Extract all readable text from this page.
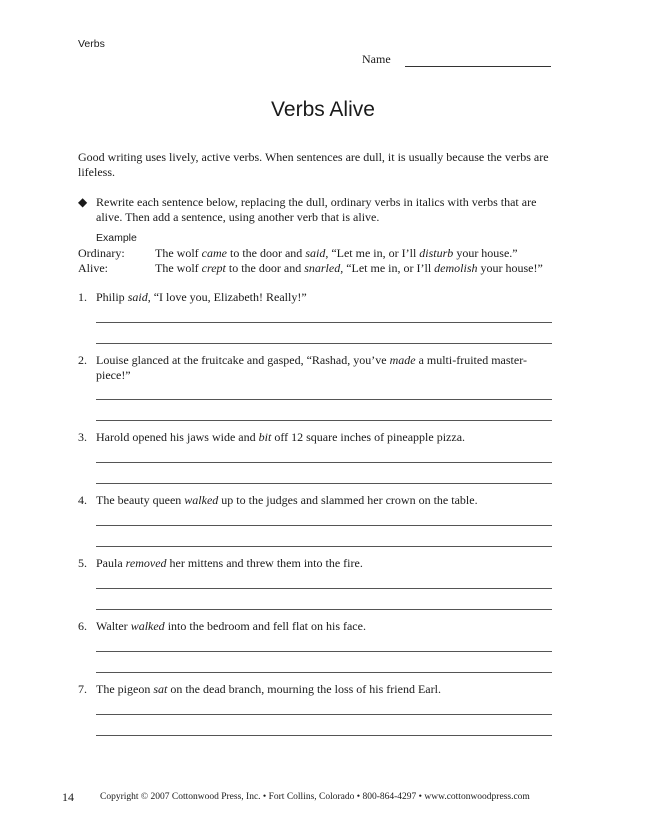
Verbs
Name
Verbs Alive

Good writing uses lively, active verbs. When sentences are dull, it is usually because the verbs are lifeless.

◆ Rewrite each sentence below, replacing the dull, ordinary verbs in italics with verbs that are alive. Then add a sentence, using another verb that is alive.
Example
Ordinary:	The wolf came to the door and said, “Let me in, or I’ll disturb your house.”
Alive:	The wolf crept to the door and snarled, “Let me in, or I’ll demolish your house!”
1. Philip said, “I love you, Elizabeth! Really!”
2. Louise glanced at the fruitcake and gasped, “Rashad, you’ve made a multi-fruited master-piece!”
3. Harold opened his jaws wide and bit off 12 square inches of pineapple pizza.
4. The beauty queen walked up to the judges and slammed her crown on the table.
5. Paula removed her mittens and threw them into the fire.
6. Walter walked into the bedroom and fell flat on his face.
7. The pigeon sat on the dead branch, mourning the loss of his friend Earl.
14	Copyright © 2007 Cottonwood Press, Inc. • Fort Collins, Colorado • 800-864-4297 • www.cottonwoodpress.com
